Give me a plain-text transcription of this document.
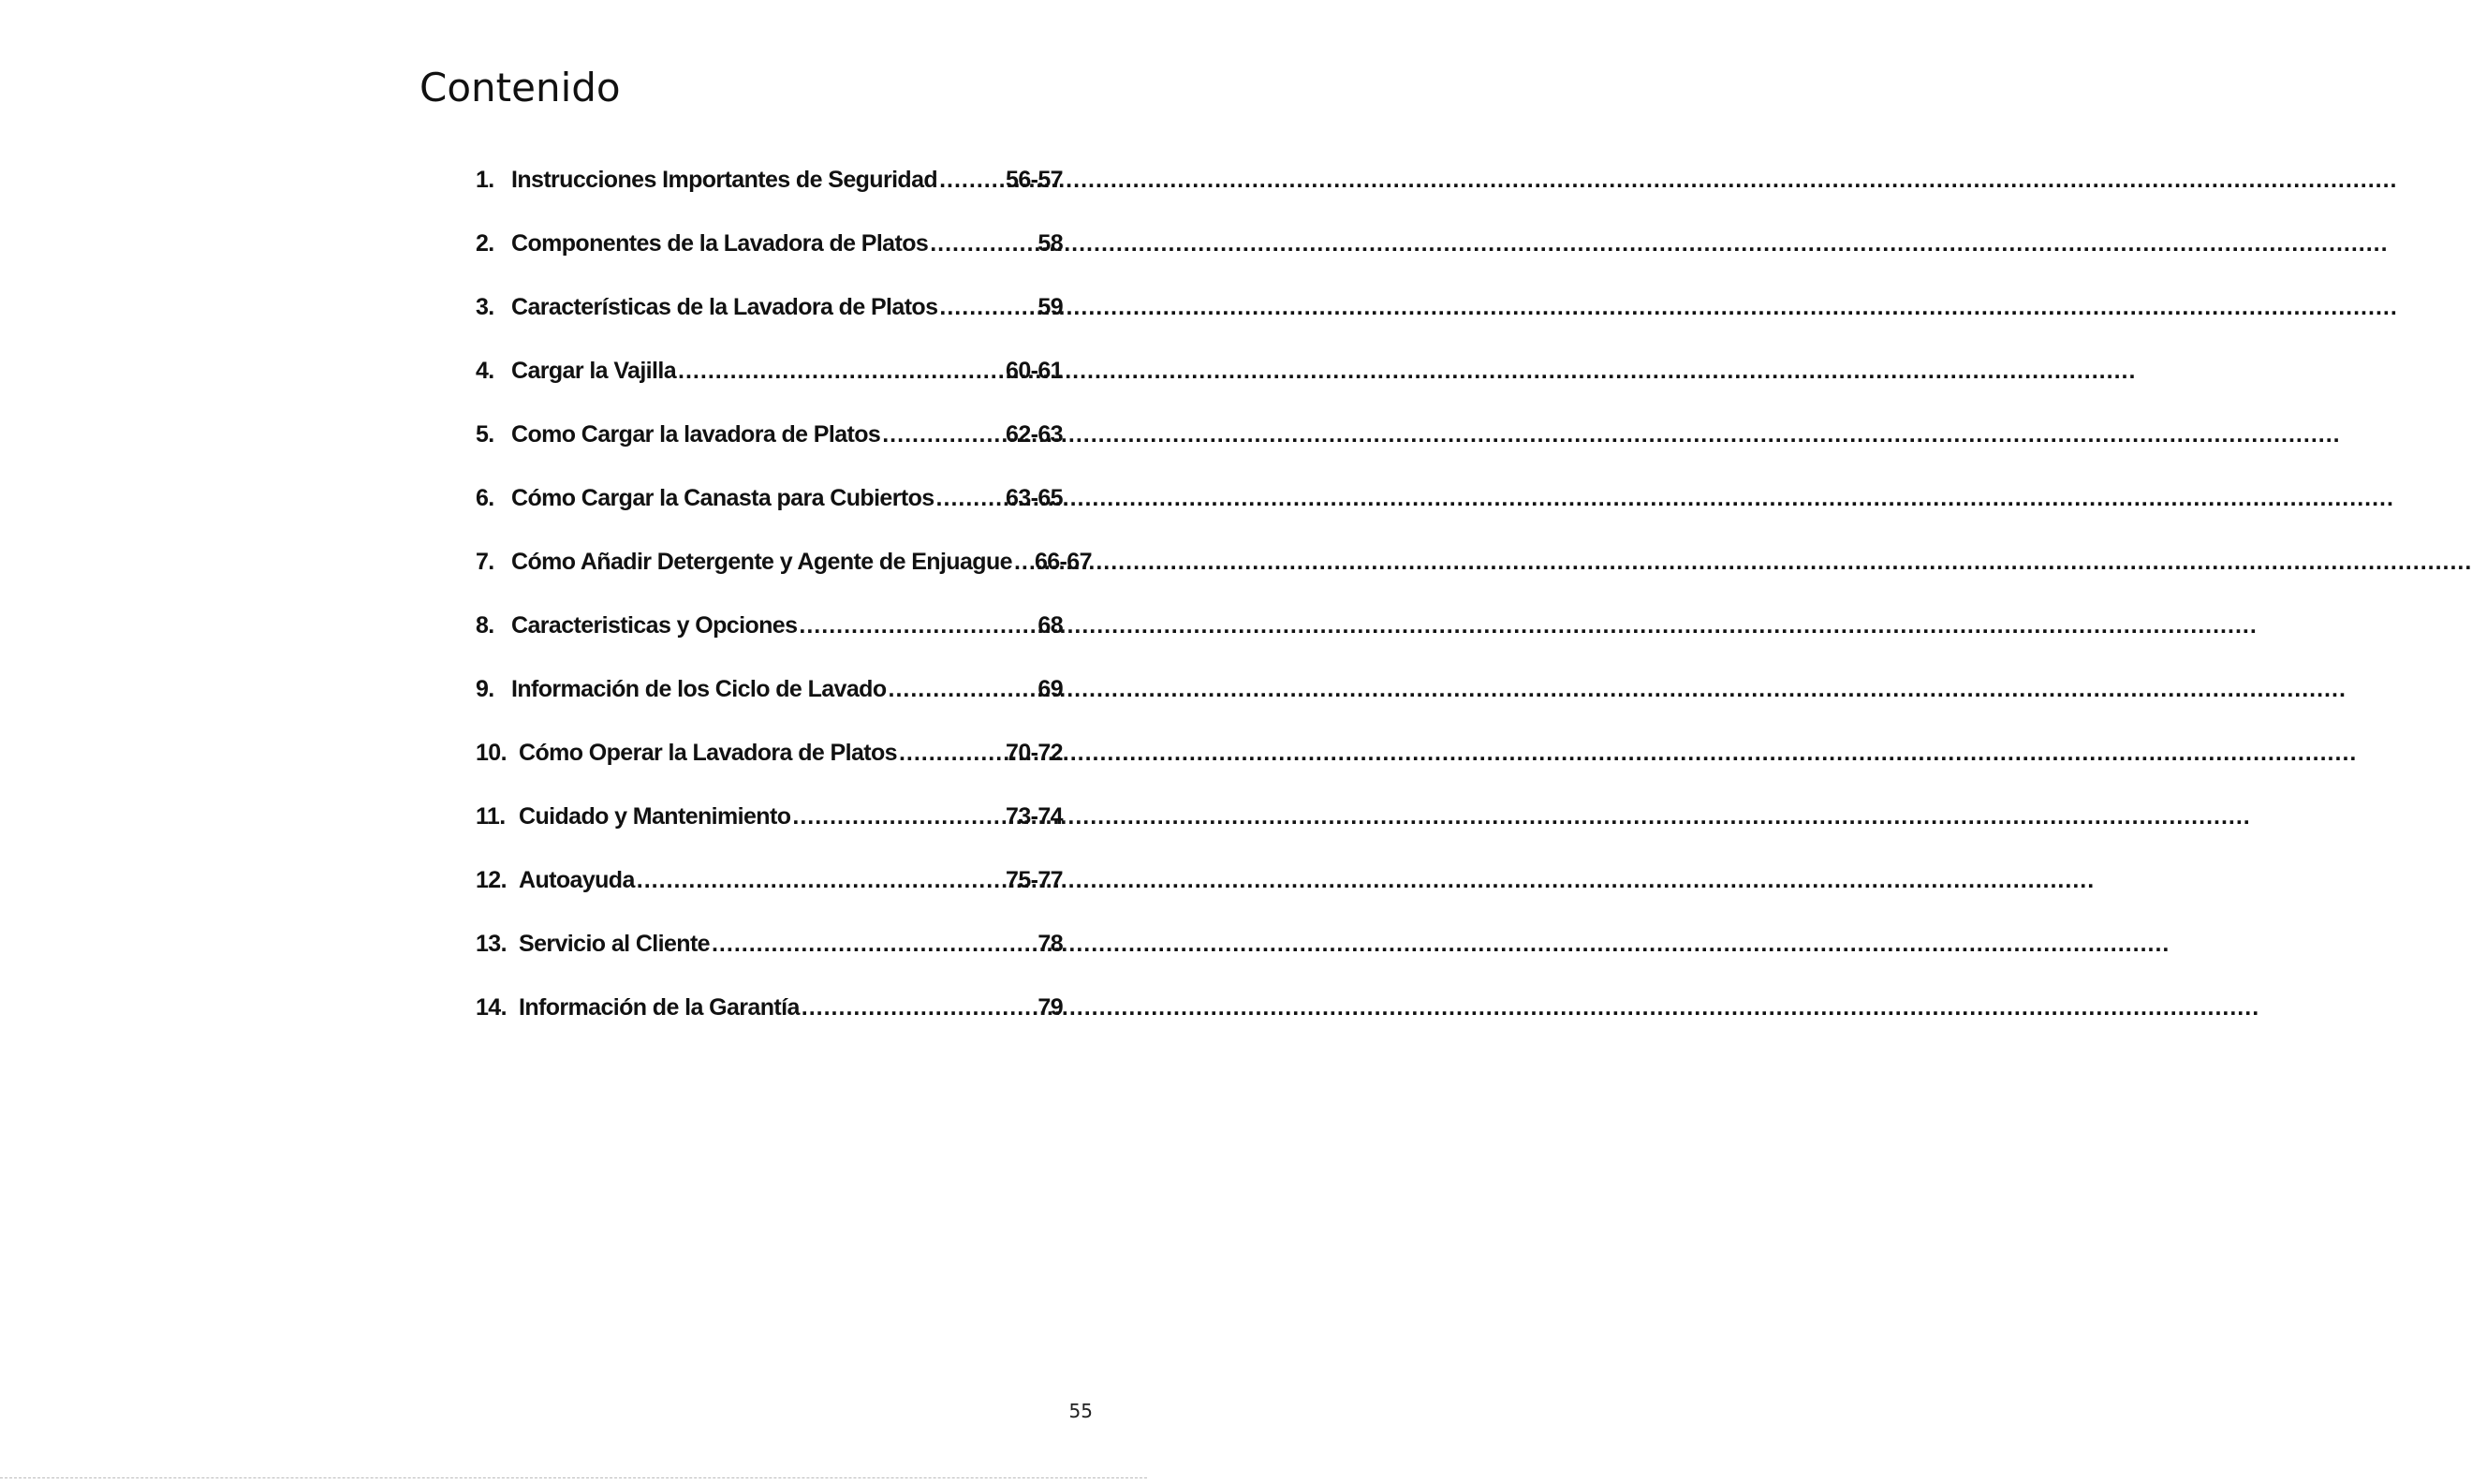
Contenido
1. Instrucciones Importantes de Seguridad .....	56-57
2. Componentes de la Lavadora de Platos .....	58
3. Características de la Lavadora de Platos .....	59
4. Cargar la Vajilla .....	60-61
5. Como Cargar la lavadora de Platos .....	62-63
6. Cómo Cargar la Canasta para Cubiertos .....	63-65
7. Cómo Añadir Detergente y Agente de Enjuague ..... 66-67
8. Caracteristicas y Opciones .....	68
9. Información de los Ciclo de Lavado .....	69
10. Cómo Operar la Lavadora de Platos .....	70-72
11. Cuidado y Mantenimiento .....	73-74
12. Autoayuda .....	75-77
13. Servicio al Cliente .....	78
14. Información de la Garantía .....	79

55
